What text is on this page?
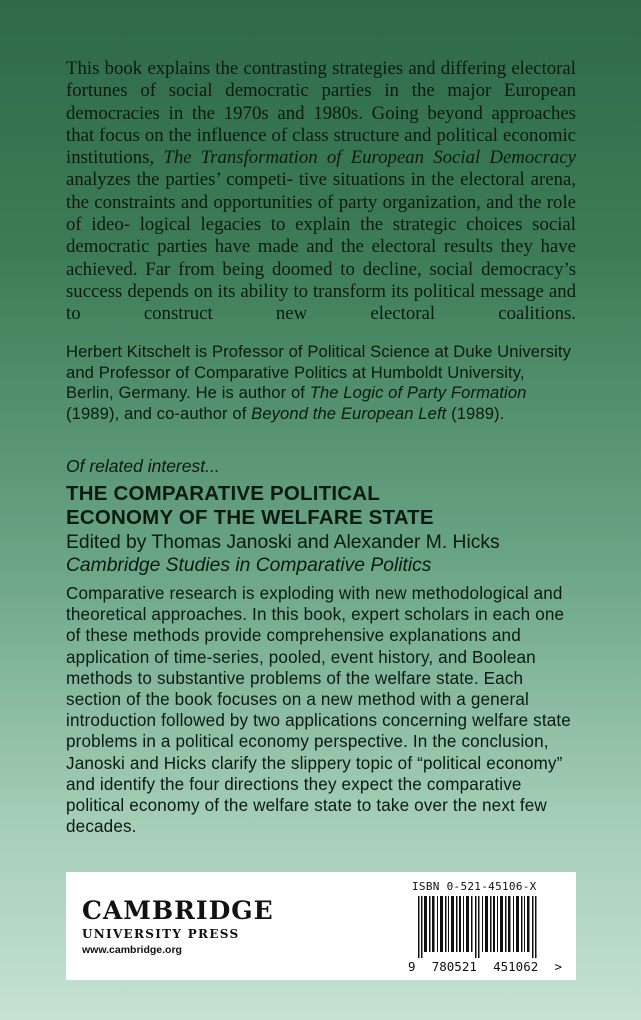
This book explains the contrasting strategies and differing electoral fortunes of social democratic parties in the major European democracies in the 1970s and 1980s. Going beyond approaches that focus on the influence of class structure and political economic institutions, The Transformation of European Social Democracy analyzes the parties’ competi- tive situations in the electoral arena, the constraints and opportunities of party organization, and the role of ideo- logical legacies to explain the strategic choices social democratic parties have made and the electoral results they have achieved. Far from being doomed to decline, social democracy’s success depends on its ability to transform its political message and to construct new electoral coalitions.

Herbert Kitschelt is Professor of Political Science at Duke University and Professor of Comparative Politics at Humboldt University, Berlin, Germany. He is author of The Logic of Party Formation (1989), and co-author of Beyond the European Left (1989).

Of related interest...
THE COMPARATIVE POLITICAL
ECONOMY OF THE WELFARE STATE
Edited by Thomas Janoski and Alexander M. Hicks
Cambridge Studies in Comparative Politics

Comparative research is exploding with new methodological and theoretical approaches. In this book, expert scholars in each one of these methods provide comprehensive explanations and application of time-series, pooled, event history, and Boolean methods to substantive problems of the welfare state. Each section of the book focuses on a new method with a general introduction followed by two applications concerning welfare state problems in a political economy perspective. In the conclusion, Janoski and Hicks clarify the slippery topic of “political economy” and identify the four directions they expect the comparative political economy of the welfare state to take over the next few decades.

CAMBRIDGE
UNIVERSITY PRESS
www.cambridge.org
ISBN 0-521-45106-X
9 780521 451062 >
